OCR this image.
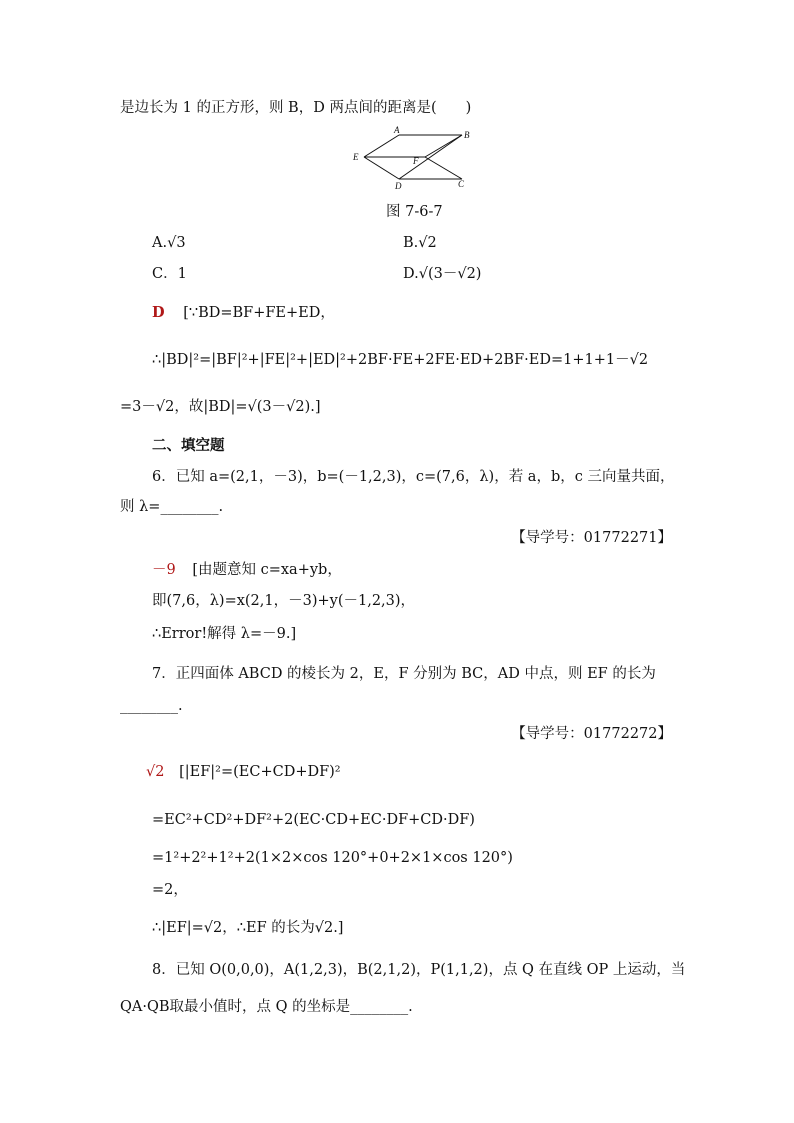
是边长为 1 的正方形，则 B，D 两点间的距离是(　　)
A	B
E	F
D	C
图 7-6-7
A.√3	B.√2
C．1	D.√(3－√2)
D [∵BD=BF+FE+ED，
∴|BD|²=|BF|²+|FE|²+|ED|²+2BF·FE+2FE·ED+2BF·ED=1+1+1－√2
=3－√2，故|BD|=√(3－√2).]
二、填空题
6．已知 a=(2,1，－3)，b=(－1,2,3)，c=(7,6，λ)，若 a，b，c 三向量共面，
则 λ=________.
【导学号：01772271】
－9 [由题意知 c=xa+yb，
即(7,6，λ)=x(2,1，－3)+y(－1,2,3)，
∴Error!解得 λ=－9.]
7．正四面体 ABCD 的棱长为 2，E，F 分别为 BC，AD 中点，则 EF 的长为
________.
【导学号：01772272】
√2 [|EF|²=(EC+CD+DF)²
=EC²+CD²+DF²+2(EC·CD+EC·DF+CD·DF)
=1²+2²+1²+2(1×2×cos 120°+0+2×1×cos 120°)
=2，
∴|EF|=√2，∴EF 的长为√2.]
8．已知 O(0,0,0)，A(1,2,3)，B(2,1,2)，P(1,1,2)，点 Q 在直线 OP 上运动，当
QA·QB取最小值时，点 Q 的坐标是________.
